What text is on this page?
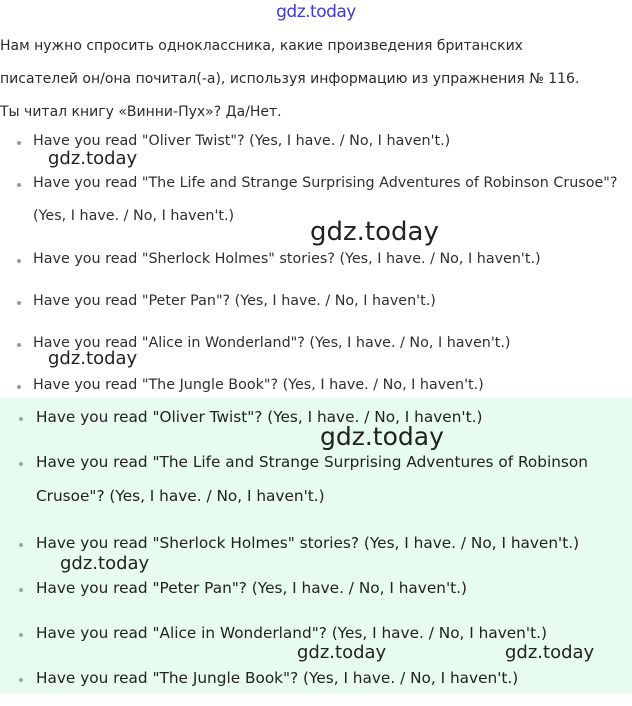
gdz.today

Нам нужно спросить одноклассника, какие произведения британских

писателей он/она почитал(-а), используя информацию из упражнения № 116.

Ты читал книгу «Винни-Пух»? Да/Нет.

Have you read "Oliver Twist"? (Yes, I have. / No, I haven't.)
Have you read "The Life and Strange Surprising Adventures of Robinson Crusoe"? (Yes, I have. / No, I haven't.)
Have you read "Sherlock Holmes" stories? (Yes, I have. / No, I haven't.)
Have you read "Peter Pan"? (Yes, I have. / No, I haven't.)
Have you read "Alice in Wonderland"? (Yes, I have. / No, I haven't.)
Have you read "The Jungle Book"? (Yes, I have. / No, I haven't.)
Have you read "Oliver Twist"? (Yes, I have. / No, I haven't.)
Have you read "The Life and Strange Surprising Adventures of Robinson Crusoe"? (Yes, I have. / No, I haven't.)
Have you read "Sherlock Holmes" stories? (Yes, I have. / No, I haven't.)
Have you read "Peter Pan"? (Yes, I have. / No, I haven't.)
Have you read "Alice in Wonderland"? (Yes, I have. / No, I haven't.)
Have you read "The Jungle Book"? (Yes, I have. / No, I haven't.)
gdz.today
gdz.today
gdz.today
gdz.today
gdz.today
gdz.today	gdz.today
